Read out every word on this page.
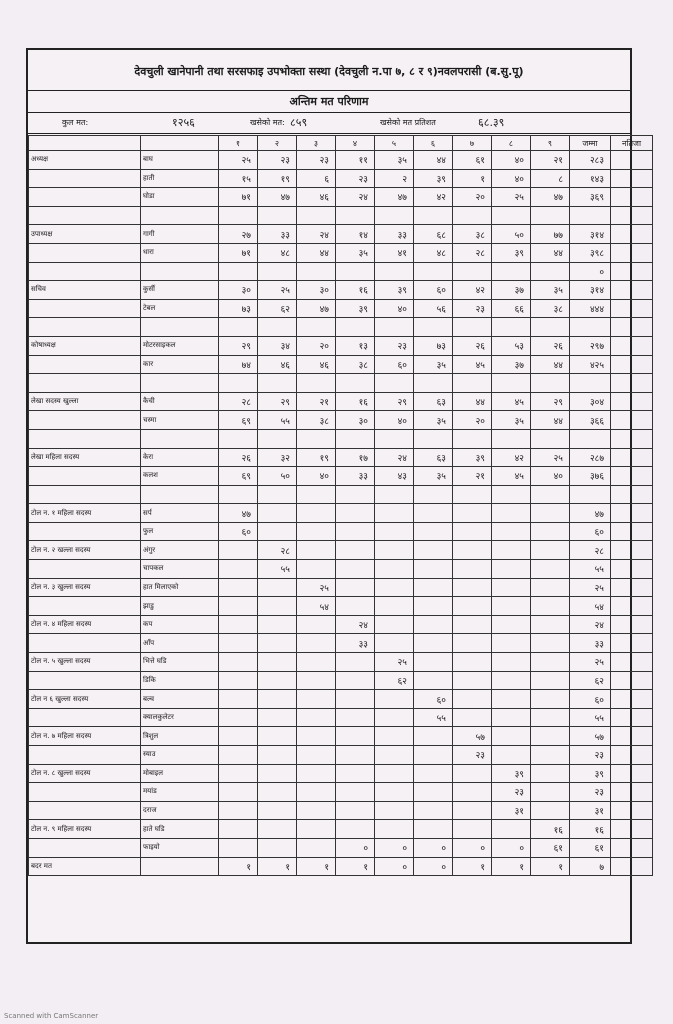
देवचुली खानेपानी तथा सरसफाइ उपभोक्ता सस्था (देवचुली न.पा ७, ८ र ९)नवलपरासी (ब.सु.पू)
अन्तिम मत परिणाम
कुल मत:	१२५६	खसेको मत: ८५९	खसेको मत प्रतिशत	६८.३९
		१	२	३	४	५	६	७	८	९	जम्मा	नतिजा
अध्यक्ष	बाघ	२५	२३	२३	११	३५	४४	६१	४०	२१	२८३	
	हाती	१५	१९	६	२३	२	३९	१	४०	८	१४३	
	घोडा	७१	४७	४६	२४	४७	४२	२०	२५	४७	३६९	

उपाध्यक्ष	गागी	२७	३३	२४	१४	३३	६८	३८	५०	७७	३१४	
	धारा	७१	४८	४४	३५	४१	४८	२८	३९	४४	३९८	
											०	
सचिव	कुर्सी	३०	२५	३०	१६	३९	६०	४२	३७	३५	३१४	
	टेबल	७३	६२	४७	३९	४०	५६	२३	६६	३८	४४४	

कोषाध्यक्ष	मोटरसाइकल	२९	३४	२०	१३	२३	७३	२६	५३	२६	२९७	
	कार	७४	४६	४६	३८	६०	३५	४५	३७	४४	४२५	

लेखा सदस्य खुल्ला	कैची	२८	२९	२१	१६	२९	६३	४४	४५	२९	३०४	
	चस्मा	६९	५५	३८	३०	४०	३५	२०	३५	४४	३६६	

लेखा महिला सदस्य	केरा	२६	३२	१९	१७	२४	६३	३९	४२	२५	२८७	
	कलश	६९	५०	४०	३३	४३	३५	२१	४५	४०	३७६	

टोल न. १ महिला सदस्य	सर्प	४७									४७	
	फुल	६०									६०	
टोल न. २ खल्ला सदस्य	अंगुर		२८								२८	
	चापकल		५५								५५	
टोल न. ३ खुल्ला सदस्य	हात मिलाएको			२५							२५	
	झाडु			५४							५४	
टोल न. ४ महिला सदस्य	कप				२४						२४	
	आँप				३३						३३	
टोल न. ५ खुल्ला सदस्य	भित्ते घडि					२५					२५	
	डिकि					६२					६२	
टोल न ६ खुल्ला सदस्य	बल्व						६०				६०	
	क्यालकुलेटर						५५				५५	
टोल न. ७ महिला सदस्य	त्रिशुल							५७			५७	
	स्याउ							२३			२३	
टोल न. ८ खुल्ला सदस्य	मोबाइल								३९		३९	
	मयांड								२३		२३	
	दराज								३१		३१	
टोल न. ९ महिला सदस्य	हाते घडि									१६	१६	
	फाइयो				०	०	०	०	०	६१	६१	
बदर मत		१	१	१	१	०	०	१	१	१	७	
Scanned with CamScanner
